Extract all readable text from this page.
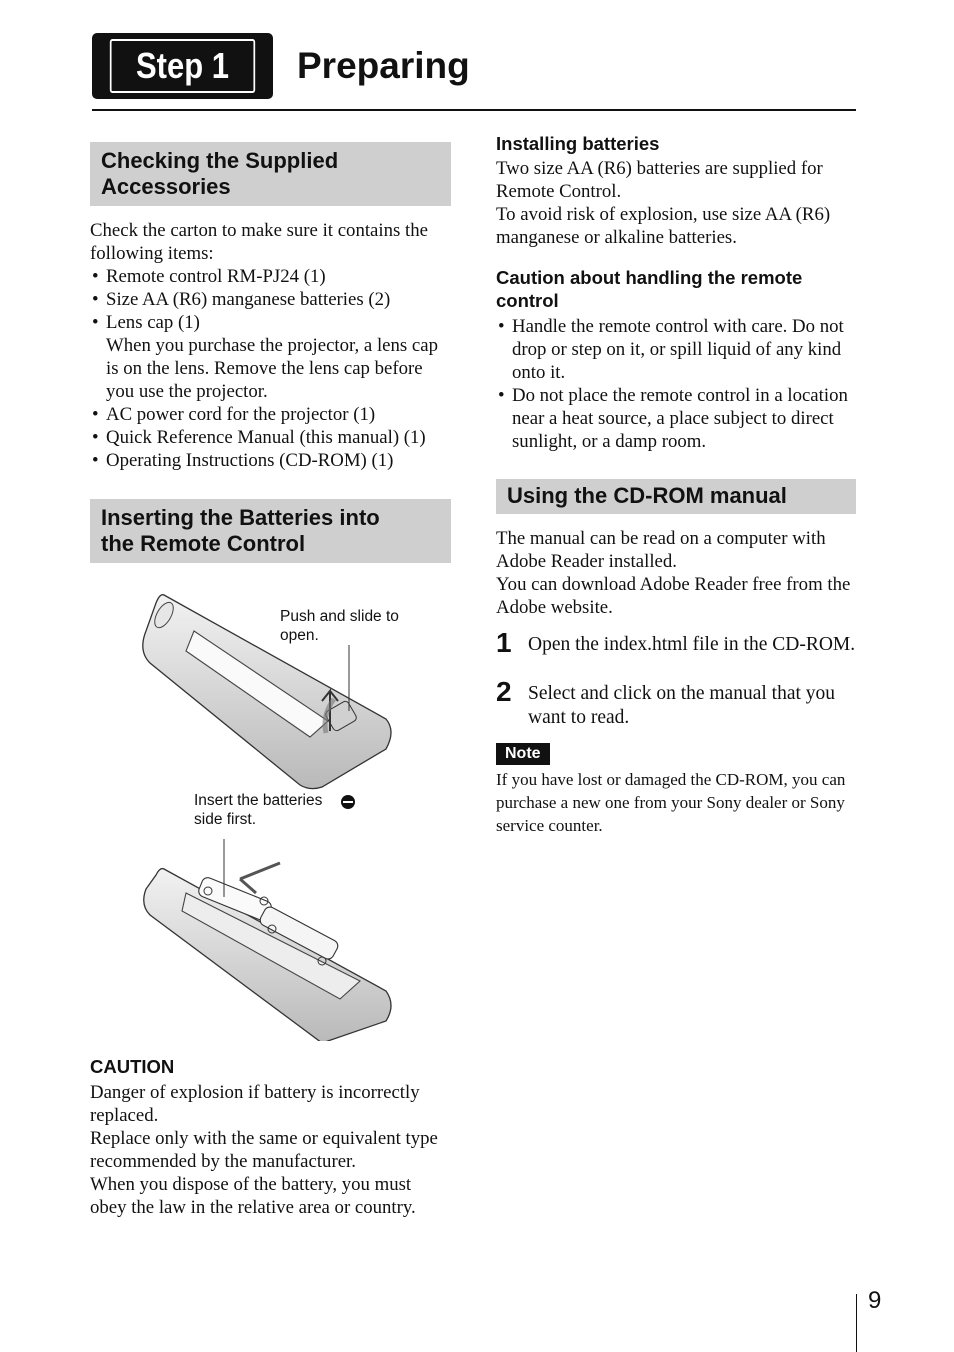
Step 1	Preparing
Checking the Supplied
Accessories
Check the carton to make sure it contains the following items:
• Remote control RM-PJ24 (1)
• Size AA (R6) manganese batteries (2)
• Lens cap (1)
When you purchase the projector, a lens cap is on the lens. Remove the lens cap before you use the projector.
• AC power cord for the projector (1)
• Quick Reference Manual (this manual) (1)
• Operating Instructions (CD-ROM) (1)
Inserting the Batteries into
the Remote Control
Push and slide to open.
Insert the batteries
side first.
CAUTION
Danger of explosion if battery is incorrectly replaced.
Replace only with the same or equivalent type recommended by the manufacturer.
When you dispose of the battery, you must obey the law in the relative area or country.
Installing batteries
Two size AA (R6) batteries are supplied for Remote Control.
To avoid risk of explosion, use size AA (R6) manganese or alkaline batteries.
Caution about handling the remote control
• Handle the remote control with care. Do not drop or step on it, or spill liquid of any kind onto it.
• Do not place the remote control in a location near a heat source, a place subject to direct sunlight, or a damp room.
Using the CD-ROM manual
The manual can be read on a computer with Adobe Reader installed.
You can download Adobe Reader free from the Adobe website.
1 Open the index.html file in the CD-ROM.
2 Select and click on the manual that you want to read.
Note
If you have lost or damaged the CD-ROM, you can purchase a new one from your Sony dealer or Sony service counter.
9
